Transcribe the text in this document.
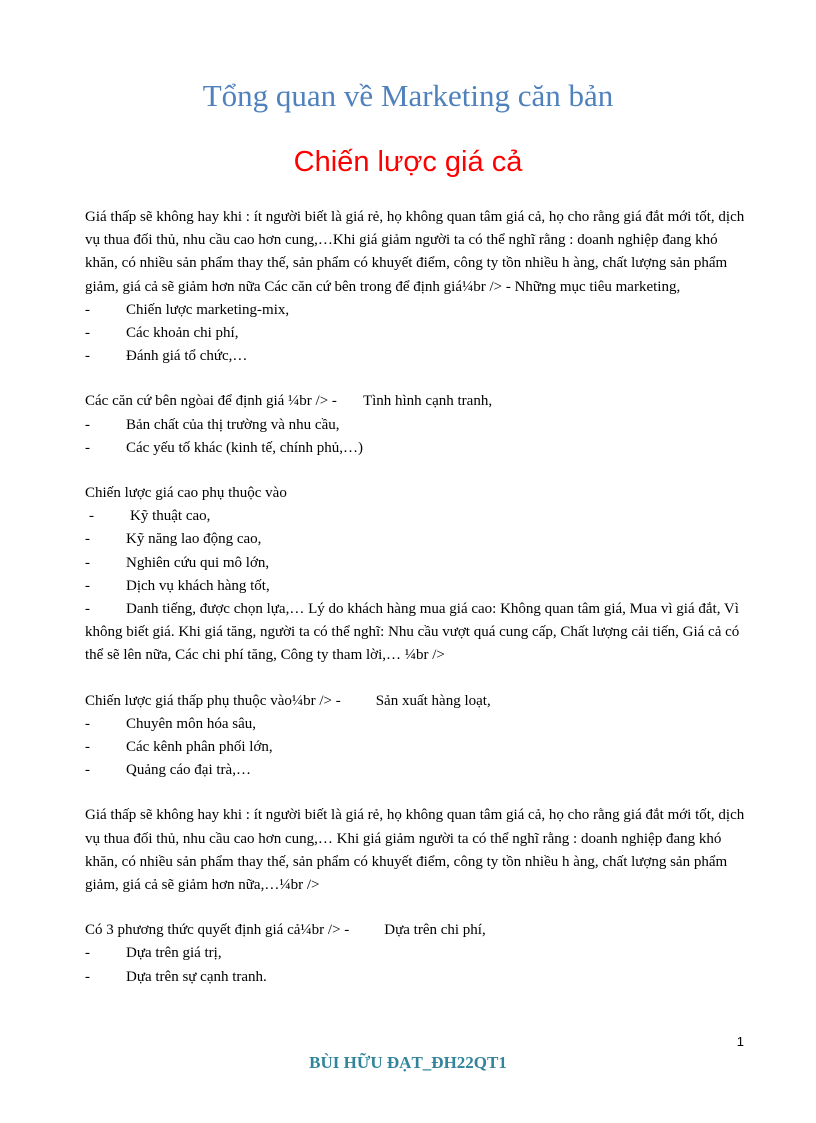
Tổng quan về Marketing căn bản
Chiến lược giá cả

Giá thấp sẽ không hay khi : ít người biết là giá rẻ, họ không quan tâm giá cả, họ cho rằng giá đắt mới tốt, dịch vụ thua đối thủ, nhu cầu cao hơn cung,…Khi giá giảm người ta có thể nghĩ rằng : doanh nghiệp đang khó khăn, có nhiều sản phẩm thay thế, sản phẩm có khuyết điểm, công ty tồn nhiều h àng, chất lượng sản phẩm giảm, giá cả sẽ giảm hơn nữa Các căn cứ bên trong để định giá¼br /> - Những mục tiêu marketing,

-	Chiến lược marketing-mix,
-	Các khoản chi phí,
-	Đánh giá tổ chức,…

Các căn cứ bên ngòai để định giá ¼br /> - Tình hình cạnh tranh,

-	Bản chất của thị trường và nhu cầu,
-	Các yếu tố khác (kinh tế, chính phủ,…)

Chiến lược giá cao phụ thuộc vào

-	Kỹ thuật cao,
-	Kỹ năng lao động cao,
-	Nghiên cứu qui mô lớn,
-	Dịch vụ khách hàng tốt,

- Danh tiếng, được chọn lựa,… Lý do khách hàng mua giá cao: Không quan tâm giá, Mua vì giá đắt, Vì không biết giá. Khi giá tăng, người ta có thể nghĩ: Nhu cầu vượt quá cung cấp, Chất lượng cải tiến, Giá cả có thể sẽ lên nữa, Các chi phí tăng, Công ty tham lời,… ¼br />

Chiến lược giá thấp phụ thuộc vào¼br /> - Sản xuất hàng loạt,

-	Chuyên môn hóa sâu,
-	Các kênh phân phối lớn,
-	Quảng cáo đại trà,…

Giá thấp sẽ không hay khi : ít người biết là giá rẻ, họ không quan tâm giá cả, họ cho rằng giá đắt mới tốt, dịch vụ thua đối thủ, nhu cầu cao hơn cung,… Khi giá giảm người ta có thể nghĩ rằng : doanh nghiệp đang khó khăn, có nhiều sản phẩm thay thế, sản phẩm có khuyết điểm, công ty tồn nhiều h àng, chất lượng sản phẩm giảm, giá cả sẽ giảm hơn nữa,…¼br />

Có 3 phương thức quyết định giá cả¼br /> - Dựa trên chi phí,

-	Dựa trên giá trị,
-	Dựa trên sự cạnh tranh.
1
BÙI HỮU ĐẠT_ĐH22QT1
